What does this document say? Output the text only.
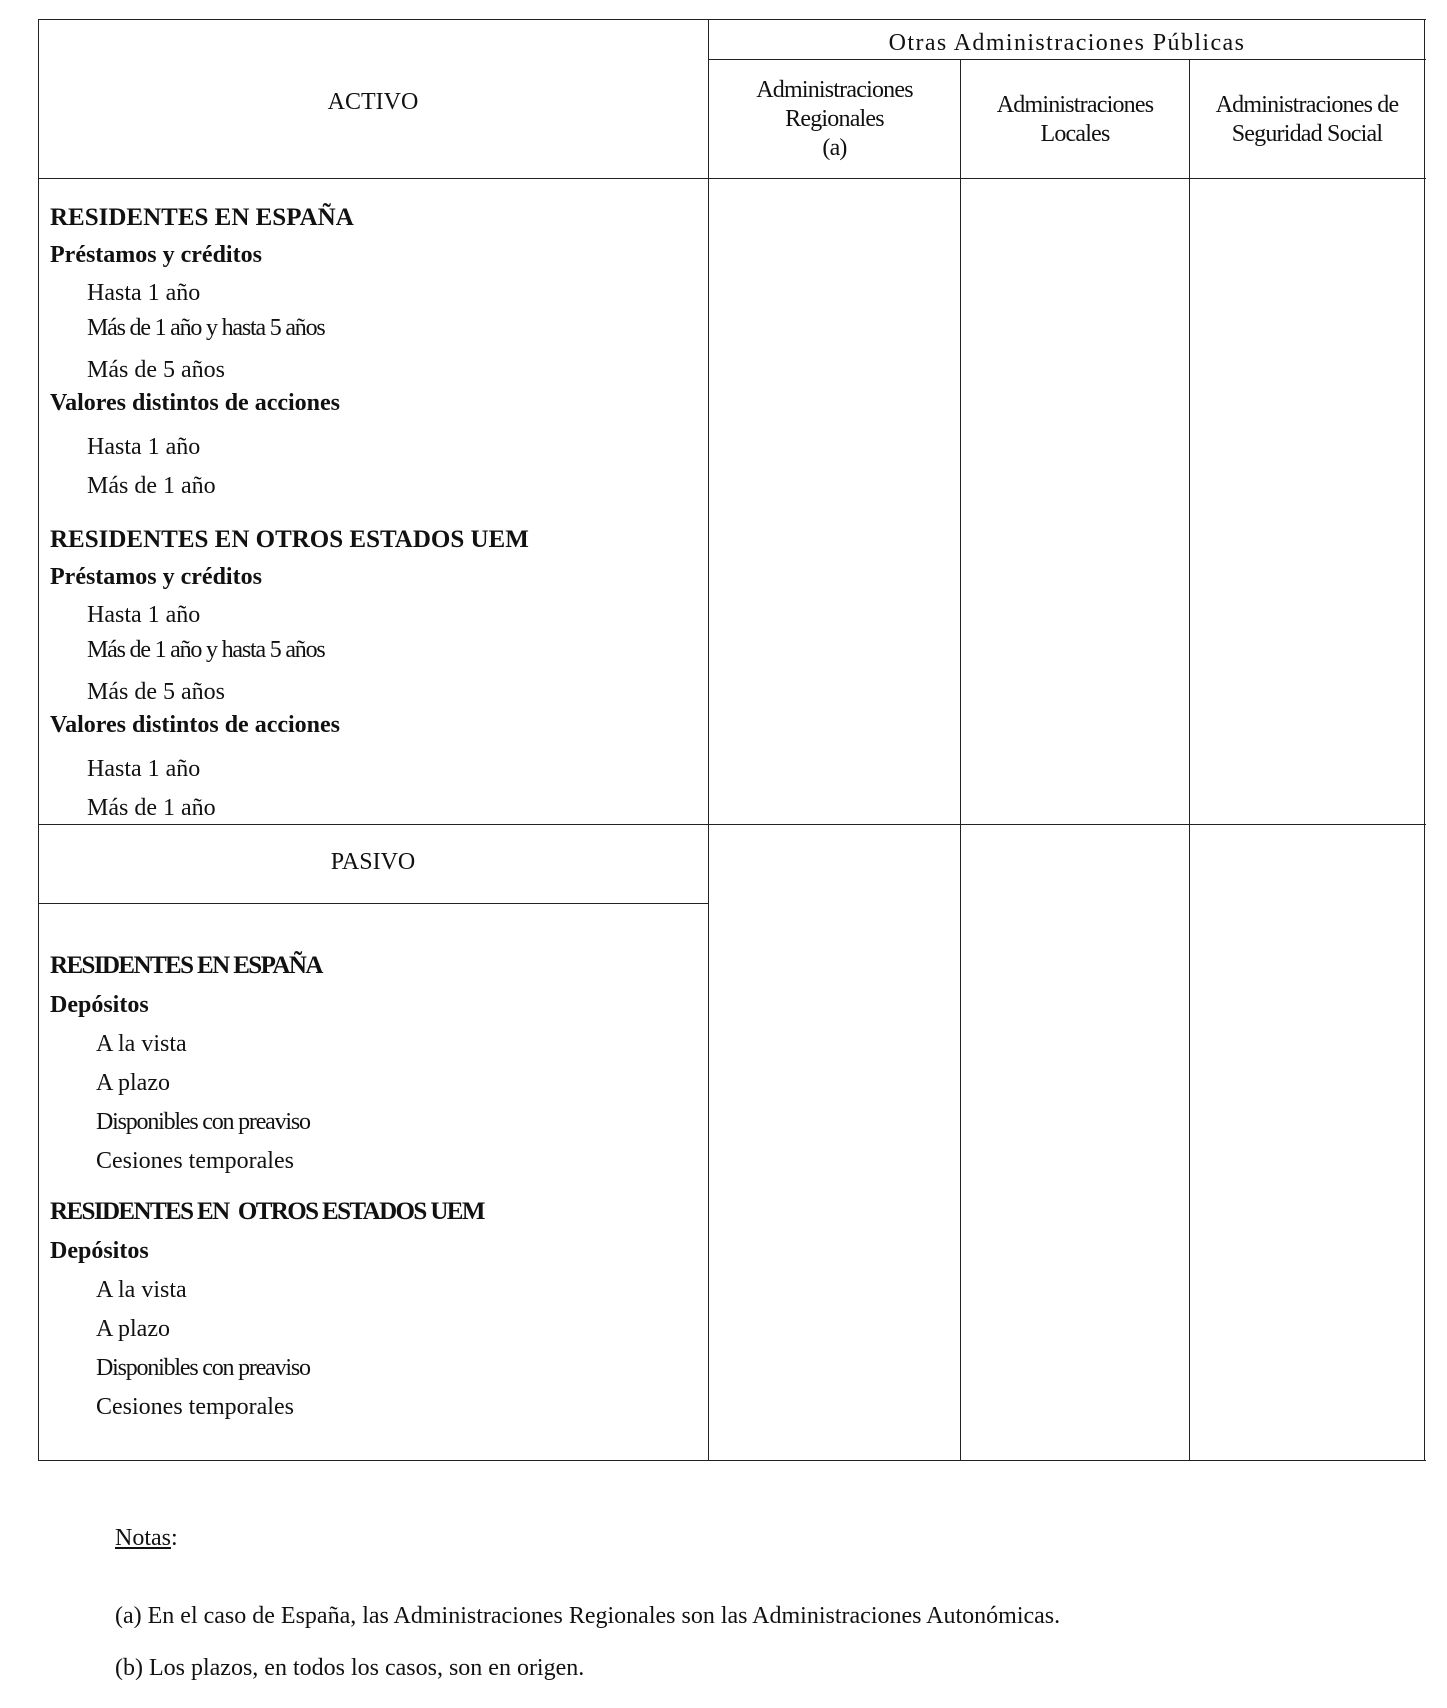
ACTIVO
Otras Administraciones Públicas
Administraciones
Regionales
(a)
Administraciones
Locales
Administraciones de
Seguridad Social
RESIDENTES EN ESPAÑA
Préstamos y créditos
Hasta 1 año
Más de 1 año y hasta 5 años
Más de 5 años
Valores distintos de acciones
Hasta 1 año
Más de 1 año
RESIDENTES EN OTROS ESTADOS UEM
Préstamos y créditos
Hasta 1 año
Más de 1 año y hasta 5 años
Más de 5 años
Valores distintos de acciones
Hasta 1 año
Más de 1 año
PASIVO
RESIDENTES EN ESPAÑA
Depósitos
A la vista
A plazo
Disponibles con preaviso
Cesiones temporales
RESIDENTES EN  OTROS ESTADOS UEM
Depósitos
A la vista
A plazo
Disponibles con preaviso
Cesiones temporales
Notas:
(a) En el caso de España, las Administraciones Regionales son las Administraciones Autonómicas.
(b) Los plazos, en todos los casos, son en origen.
